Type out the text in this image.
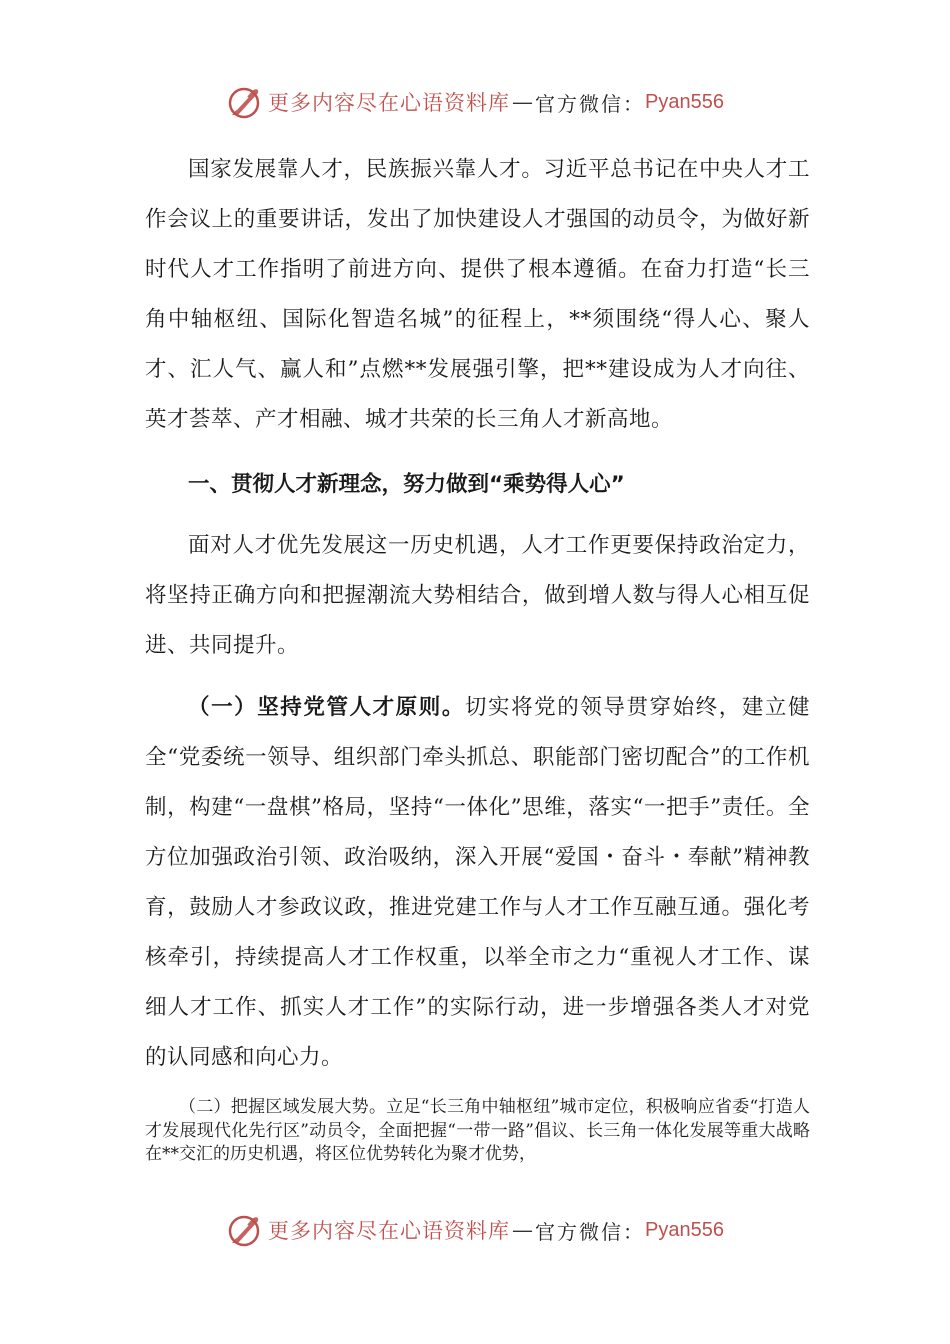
更多内容尽在心语资料库 — 官方微信： Pyan556

国家发展靠人才，民族振兴靠人才。习近平总书记在中央人才工作会议上的重要讲话，发出了加快建设人才强国的动员令，为做好新时代人才工作指明了前进方向、提供了根本遵循。在奋力打造“长三角中轴枢纽、国际化智造名城”的征程上，**须围绕“得人心、聚人才、汇人气、赢人和”点燃**发展强引擎，把**建设成为人才向往、英才荟萃、产才相融、城才共荣的长三角人才新高地。

一、贯彻人才新理念，努力做到“乘势得人心”

面对人才优先发展这一历史机遇，人才工作更要保持政治定力，将坚持正确方向和把握潮流大势相结合，做到增人数与得人心相互促进、共同提升。

（一）坚持党管人才原则。切实将党的领导贯穿始终，建立健全“党委统一领导、组织部门牵头抓总、职能部门密切配合”的工作机制，构建“一盘棋”格局，坚持“一体化”思维，落实“一把手”责任。全方位加强政治引领、政治吸纳，深入开展“爱国・奋斗・奉献”精神教育，鼓励人才参政议政，推进党建工作与人才工作互融互通。强化考核牵引，持续提高人才工作权重，以举全市之力“重视人才工作、谋细人才工作、抓实人才工作”的实际行动，进一步增强各类人才对党的认同感和向心力。

（二）把握区域发展大势。立足“长三角中轴枢纽”城市定位，积极响应省委“打造人才发展现代化先行区”动员令，全面把握“一带一路”倡议、长三角一体化发展等重大战略在**交汇的历史机遇，将区位优势转化为聚才优势，

更多内容尽在心语资料库 — 官方微信： Pyan556
